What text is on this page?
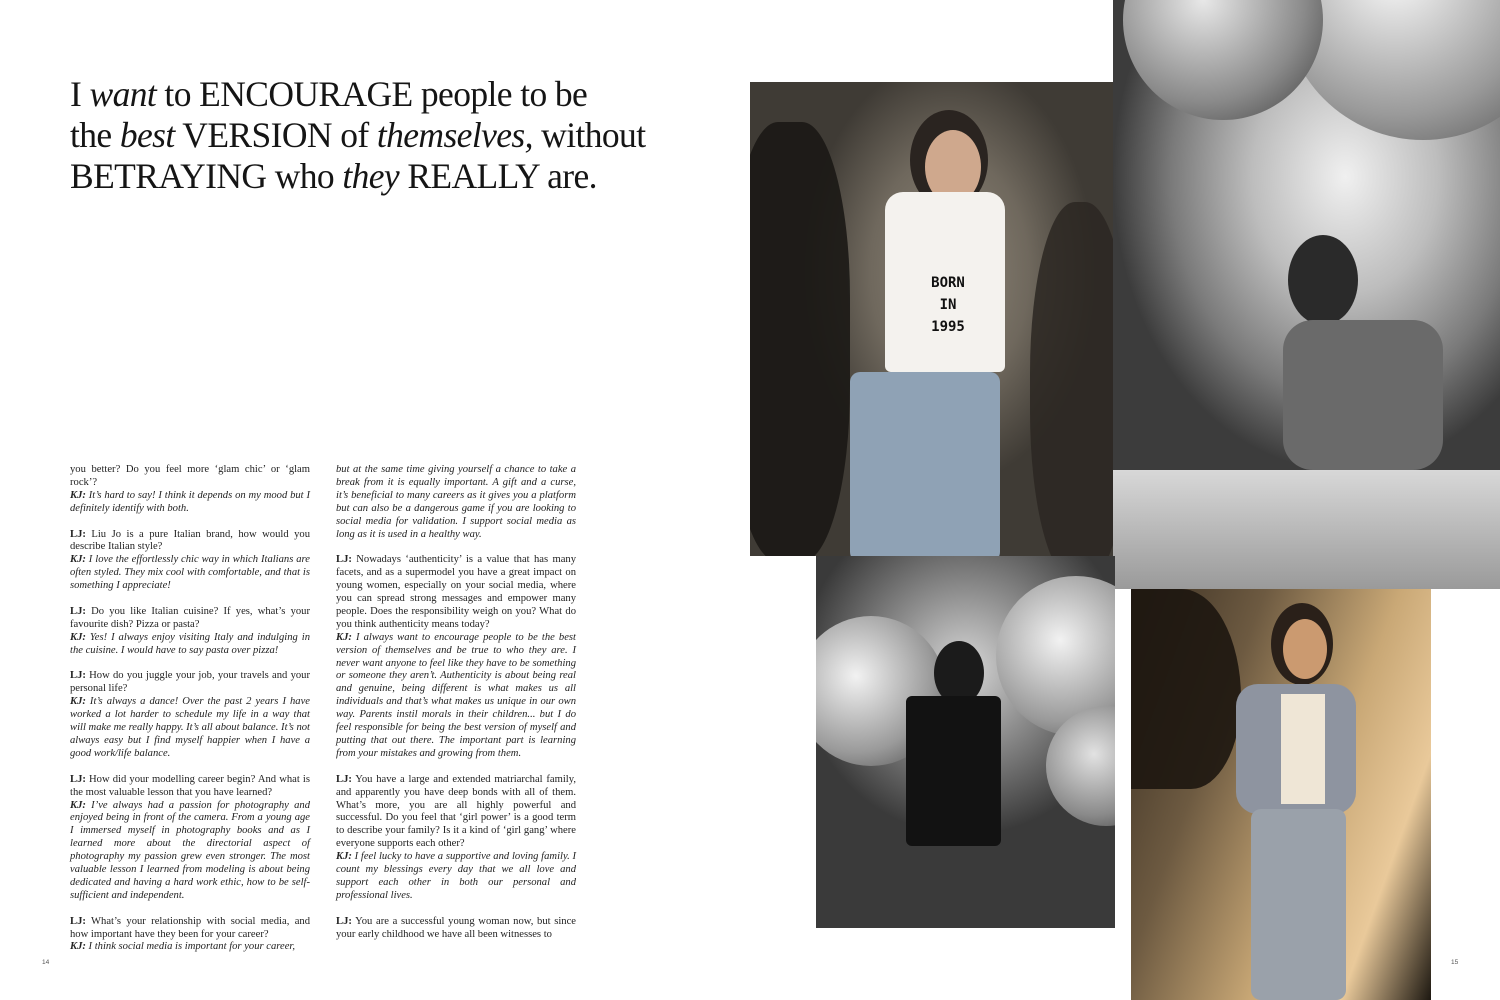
I want to ENCOURAGE people to be
the best VERSION of themselves, without
BETRAYING who they REALLY are.

you better? Do you feel more ‘glam chic’ or ‘glam rock’?
KJ: It’s hard to say! I think it depends on my mood but I definitely identify with both.

LJ: Liu Jo is a pure Italian brand, how would you describe Italian style?
KJ: I love the effortlessly chic way in which Italians are often styled. They mix cool with comfortable, and that is something I appreciate!

LJ: Do you like Italian cuisine? If yes, what’s your favourite dish? Pizza or pasta?
KJ: Yes! I always enjoy visiting Italy and indulging in the cuisine. I would have to say pasta over pizza!

LJ: How do you juggle your job, your travels and your personal life?
KJ: It’s always a dance! Over the past 2 years I have worked a lot harder to schedule my life in a way that will make me really happy. It’s all about balance. It’s not always easy but I find myself happier when I have a good work/life balance.

LJ: How did your modelling career begin? And what is the most valuable lesson that you have learned?
KJ: I’ve always had a passion for photography and enjoyed being in front of the camera. From a young age I immersed myself in photography books and as I learned more about the directorial aspect of photography my passion grew even stronger. The most valuable lesson I learned from modeling is about being dedicated and having a hard work ethic, how to be self-sufficient and independent.

LJ: What’s your relationship with social media, and how important have they been for your career?
KJ: I think social media is important for your career,

but at the same time giving yourself a chance to take a break from it is equally important. A gift and a curse, it’s beneficial to many careers as it gives you a platform but can also be a dangerous game if you are looking to social media for validation. I support social media as long as it is used in a healthy way.

LJ: Nowadays ‘authenticity’ is a value that has many facets, and as a supermodel you have a great impact on young women, especially on your social media, where you can spread strong messages and empower many people. Does the responsibility weigh on you? What do you think authenticity means today?
KJ: I always want to encourage people to be the best version of themselves and be true to who they are. I never want anyone to feel like they have to be something or someone they aren’t. Authenticity is about being real and genuine, being different is what makes us all individuals and that’s what makes us unique in our own way. Parents instil morals in their children... but I do feel responsible for being the best version of myself and putting that out there. The important part is learning from your mistakes and growing from them.

LJ: You have a large and extended matriarchal family, and apparently you have deep bonds with all of them. What’s more, you are all highly powerful and successful. Do you feel that ‘girl power’ is a good term to describe your family? Is it a kind of ‘girl gang’ where everyone supports each other?
KJ: I feel lucky to have a supportive and loving family. I count my blessings every day that we all love and support each other in both our personal and professional lives.

LJ: You are a successful young woman now, but since your early childhood we have all been witnesses to

BORN
IN
1995
14	15
